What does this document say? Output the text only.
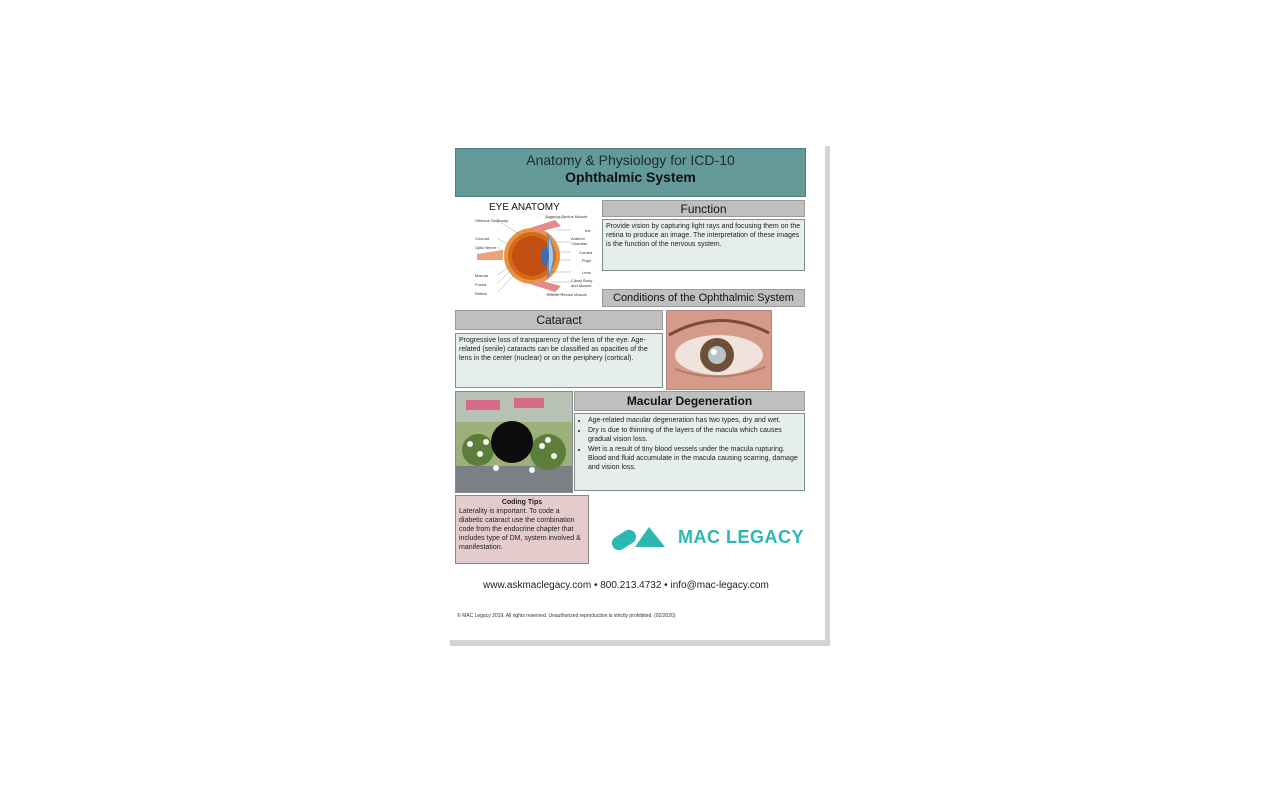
Anatomy & Physiology for ICD-10
Ophthalmic System
EYE ANATOMY
Vitreous Gel(body)
Choroid
Optic Nerve
Macula
Fovea
Retina
Superior Rectus Muscle
Iris
Anterior Chamber
Cornea
Pupil
Lens
Ciliary Body and Muscle
Inferior Rectus Muscle
Function
Provide vision by capturing light rays and focusing them on the retina to produce an image. The interpretation of these images is the function of the nervous system.
Conditions of the Ophthalmic System
Cataract
Progressive loss of transparency of the lens of the eye. Age-related (senile) cataracts can be classified as opacities of the lens in the center (nuclear) or on the periphery (cortical).
Macular Degeneration
• Age-related macular degeneration has two types, dry and wet.
• Dry is due to thinning of the layers of the macula which causes gradual vision loss.
• Wet is a result of tiny blood vessels under the macula rupturing. Blood and fluid accumulate in the macula causing scarring, damage and vision loss.
Coding Tips
Laterality is important. To code a diabetic cataract use the combination code from the endocrine chapter that includes type of DM, system involved & manifestation.
MAC LEGACY
www.askmaclegacy.com • 800.213.4732 • info@mac-legacy.com
© MAC Legacy 2019. All rights reserved. Unauthorized reproduction is strictly prohibited. (02/2020)
